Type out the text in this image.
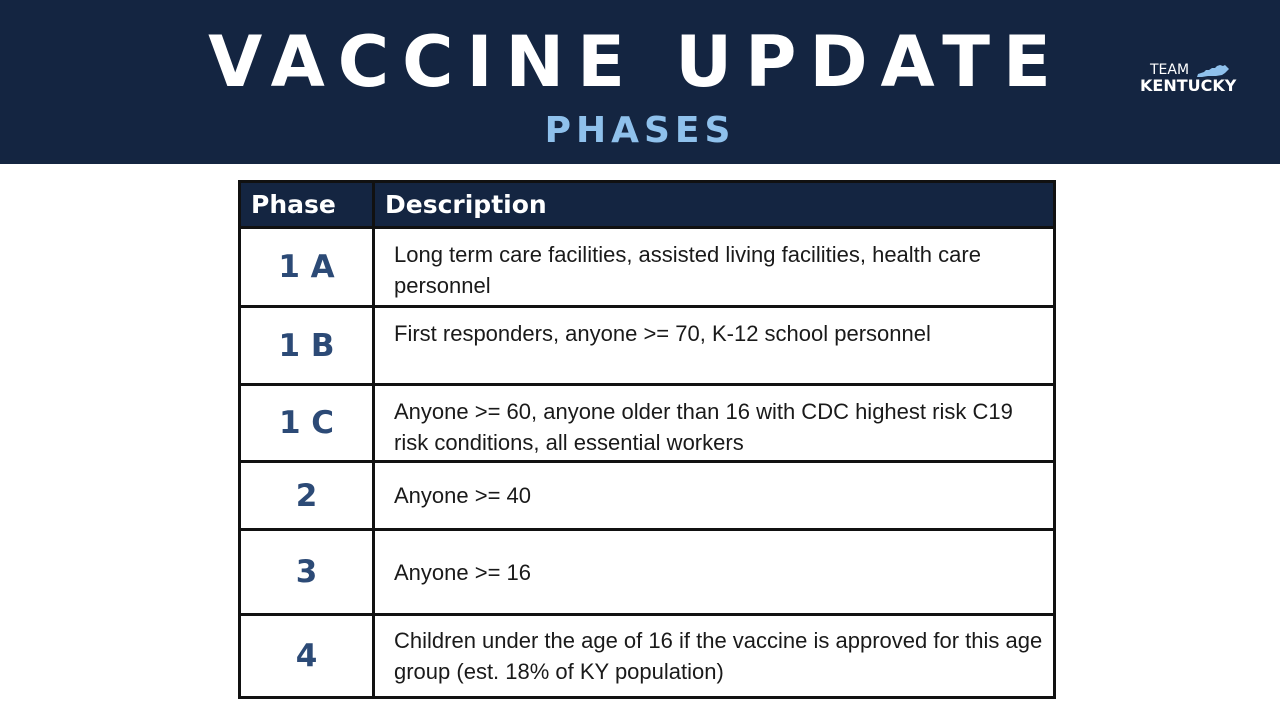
VACCINE UPDATE
PHASES
TEAM
KENTUCKY
Phase	Description
1 A	Long term care facilities, assisted living facilities, health care personnel
1 B	First responders, anyone >= 70, K-12 school personnel
1 C	Anyone >= 60, anyone older than 16 with CDC highest risk C19 risk conditions, all essential workers
2	Anyone >= 40
3	Anyone >= 16
4	Children under the age of 16 if the vaccine is approved for this age group (est. 18% of KY population)
